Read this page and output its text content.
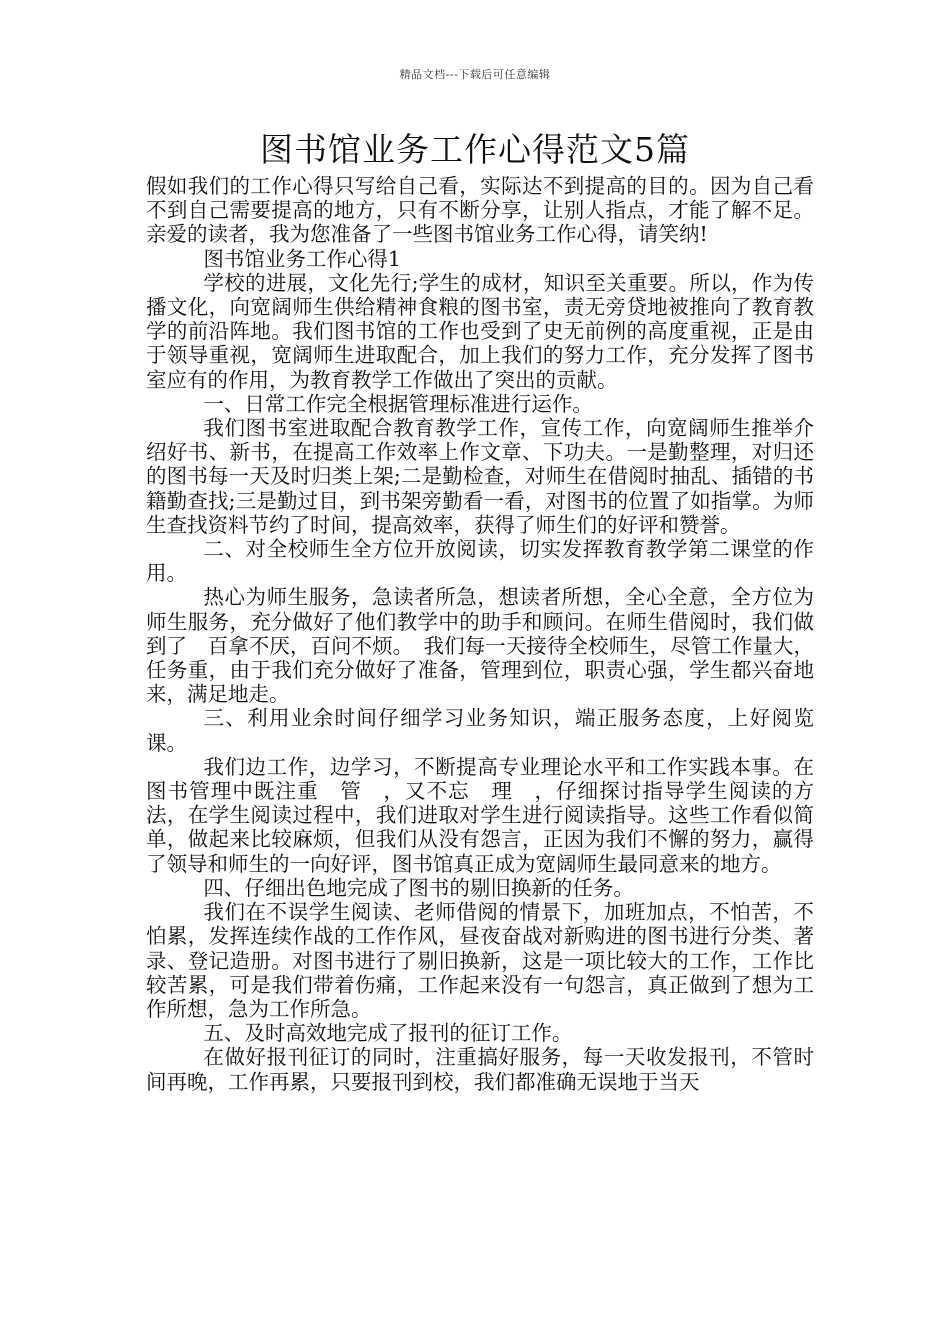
精品文档---下载后可任意编辑
图书馆业务工作心得范文5篇

假如我们的工作心得只写给自己看，实际达不到提高的目的。因为自己看不到自己需要提高的地方，只有不断分享，让别人指点，才能了解不足。亲爱的读者，我为您准备了一些图书馆业务工作心得，请笑纳!

图书馆业务工作心得1

学校的进展，文化先行;学生的成材，知识至关重要。所以，作为传播文化，向宽阔师生供给精神食粮的图书室，责无旁贷地被推向了教育教学的前沿阵地。我们图书馆的工作也受到了史无前例的高度重视，正是由于领导重视，宽阔师生进取配合，加上我们的努力工作，充分发挥了图书室应有的作用，为教育教学工作做出了突出的贡献。

一、日常工作完全根据管理标准进行运作。

我们图书室进取配合教育教学工作，宣传工作，向宽阔师生推举介绍好书、新书，在提高工作效率上作文章、下功夫。一是勤整理，对归还的图书每一天及时归类上架;二是勤检查，对师生在借阅时抽乱、插错的书籍勤查找;三是勤过目，到书架旁勤看一看，对图书的位置了如指掌。为师生查找资料节约了时间，提高效率，获得了师生们的好评和赞誉。

二、对全校师生全方位开放阅读，切实发挥教育教学第二课堂的作用。

热心为师生服务，急读者所急，想读者所想，全心全意，全方位为师生服务，充分做好了他们教学中的助手和顾问。在师生借阅时，我们做到了　百拿不厌，百问不烦。　我们每一天接待全校师生，尽管工作量大，任务重，由于我们充分做好了准备，管理到位，职责心强，学生都兴奋地来，满足地走。

三、利用业余时间仔细学习业务知识，端正服务态度，上好阅览课。

我们边工作，边学习，不断提高专业理论水平和工作实践本事。在图书管理中既注重　管　，又不忘　理　，仔细探讨指导学生阅读的方法，在学生阅读过程中，我们进取对学生进行阅读指导。这些工作看似简单，做起来比较麻烦，但我们从没有怨言，正因为我们不懈的努力，赢得了领导和师生的一向好评，图书馆真正成为宽阔师生最同意来的地方。

四、仔细出色地完成了图书的剔旧换新的任务。

我们在不误学生阅读、老师借阅的情景下，加班加点，不怕苦，不怕累，发挥连续作战的工作作风，昼夜奋战对新购进的图书进行分类、著录、登记造册。对图书进行了剔旧换新，这是一项比较大的工作，工作比较苦累，可是我们带着伤痛，工作起来没有一句怨言，真正做到了想为工作所想，急为工作所急。

五、及时高效地完成了报刊的征订工作。

在做好报刊征订的同时，注重搞好服务，每一天收发报刊，不管时间再晚，工作再累，只要报刊到校，我们都准确无误地于当天
